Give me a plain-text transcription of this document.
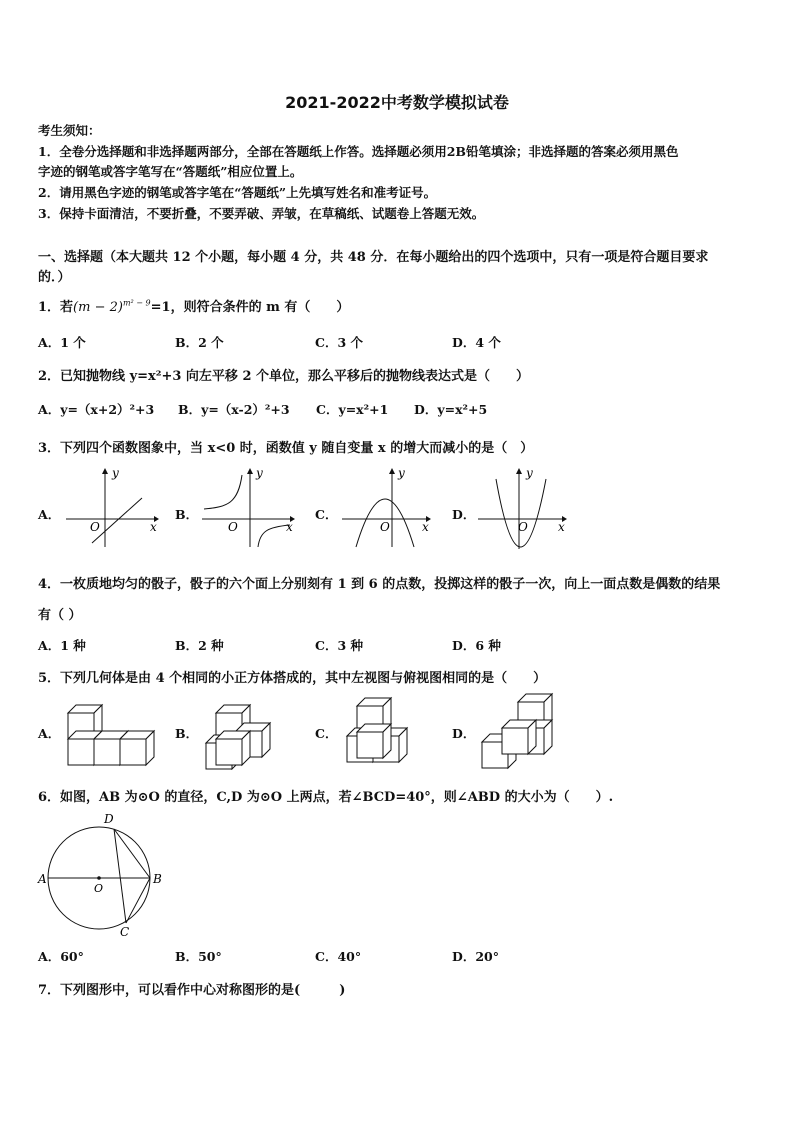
2021-2022中考数学模拟试卷
考生须知：
1．全卷分选择题和非选择题两部分，全部在答题纸上作答。选择题必须用2B铅笔填涂；非选择题的答案必须用黑色
字迹的钢笔或答字笔写在“答题纸”相应位置上。
2．请用黑色字迹的钢笔或答字笔在“答题纸”上先填写姓名和准考证号。
3．保持卡面清洁，不要折叠，不要弄破、弄皱，在草稿纸、试题卷上答题无效。
一、选择题（本大题共 12 个小题，每小题 4 分，共 48 分．在每小题给出的四个选项中，只有一项是符合题目要求
的．）
1．若$(m - 2)^{m^2 - 9}=1$，则符合条件的 m 有（　　）
A．1 个	B．2 个	C．3 个	D．4 个
2．已知抛物线 y=x²+3 向左平移 2 个单位，那么平移后的抛物线表达式是（　　）
A．y=（x+2）²+3 B．y=（x-2）²+3 C．y=x²+1 D．y=x²+5
3．下列四个函数图象中，当 x<0 时，函数值 y 随自变量 x 的增大而减小的是（　）
A．	B．	C．	D．
y
x
O
y
x
O
y
x
O
y
x
O
4．一枚质地均匀的骰子，骰子的六个面上分别刻有 1 到 6 的点数，投掷这样的骰子一次，向上一面点数是偶数的结果
有（ ）
A．1 种	B．2 种	C．3 种	D．6 种
5．下列几何体是由 4 个相同的小正方体搭成的，其中左视图与俯视图相同的是（　　）
A．	B．	C．	D．
6．如图，AB 为⊙O 的直径，C,D 为⊙O 上两点，若∠BCD=40°，则∠ABD 的大小为（　　）.
A	B
C
D
O
A．60°	B．50°	C．40°	D．20°
7．下列图形中，可以看作中心对称图形的是(　　　)
